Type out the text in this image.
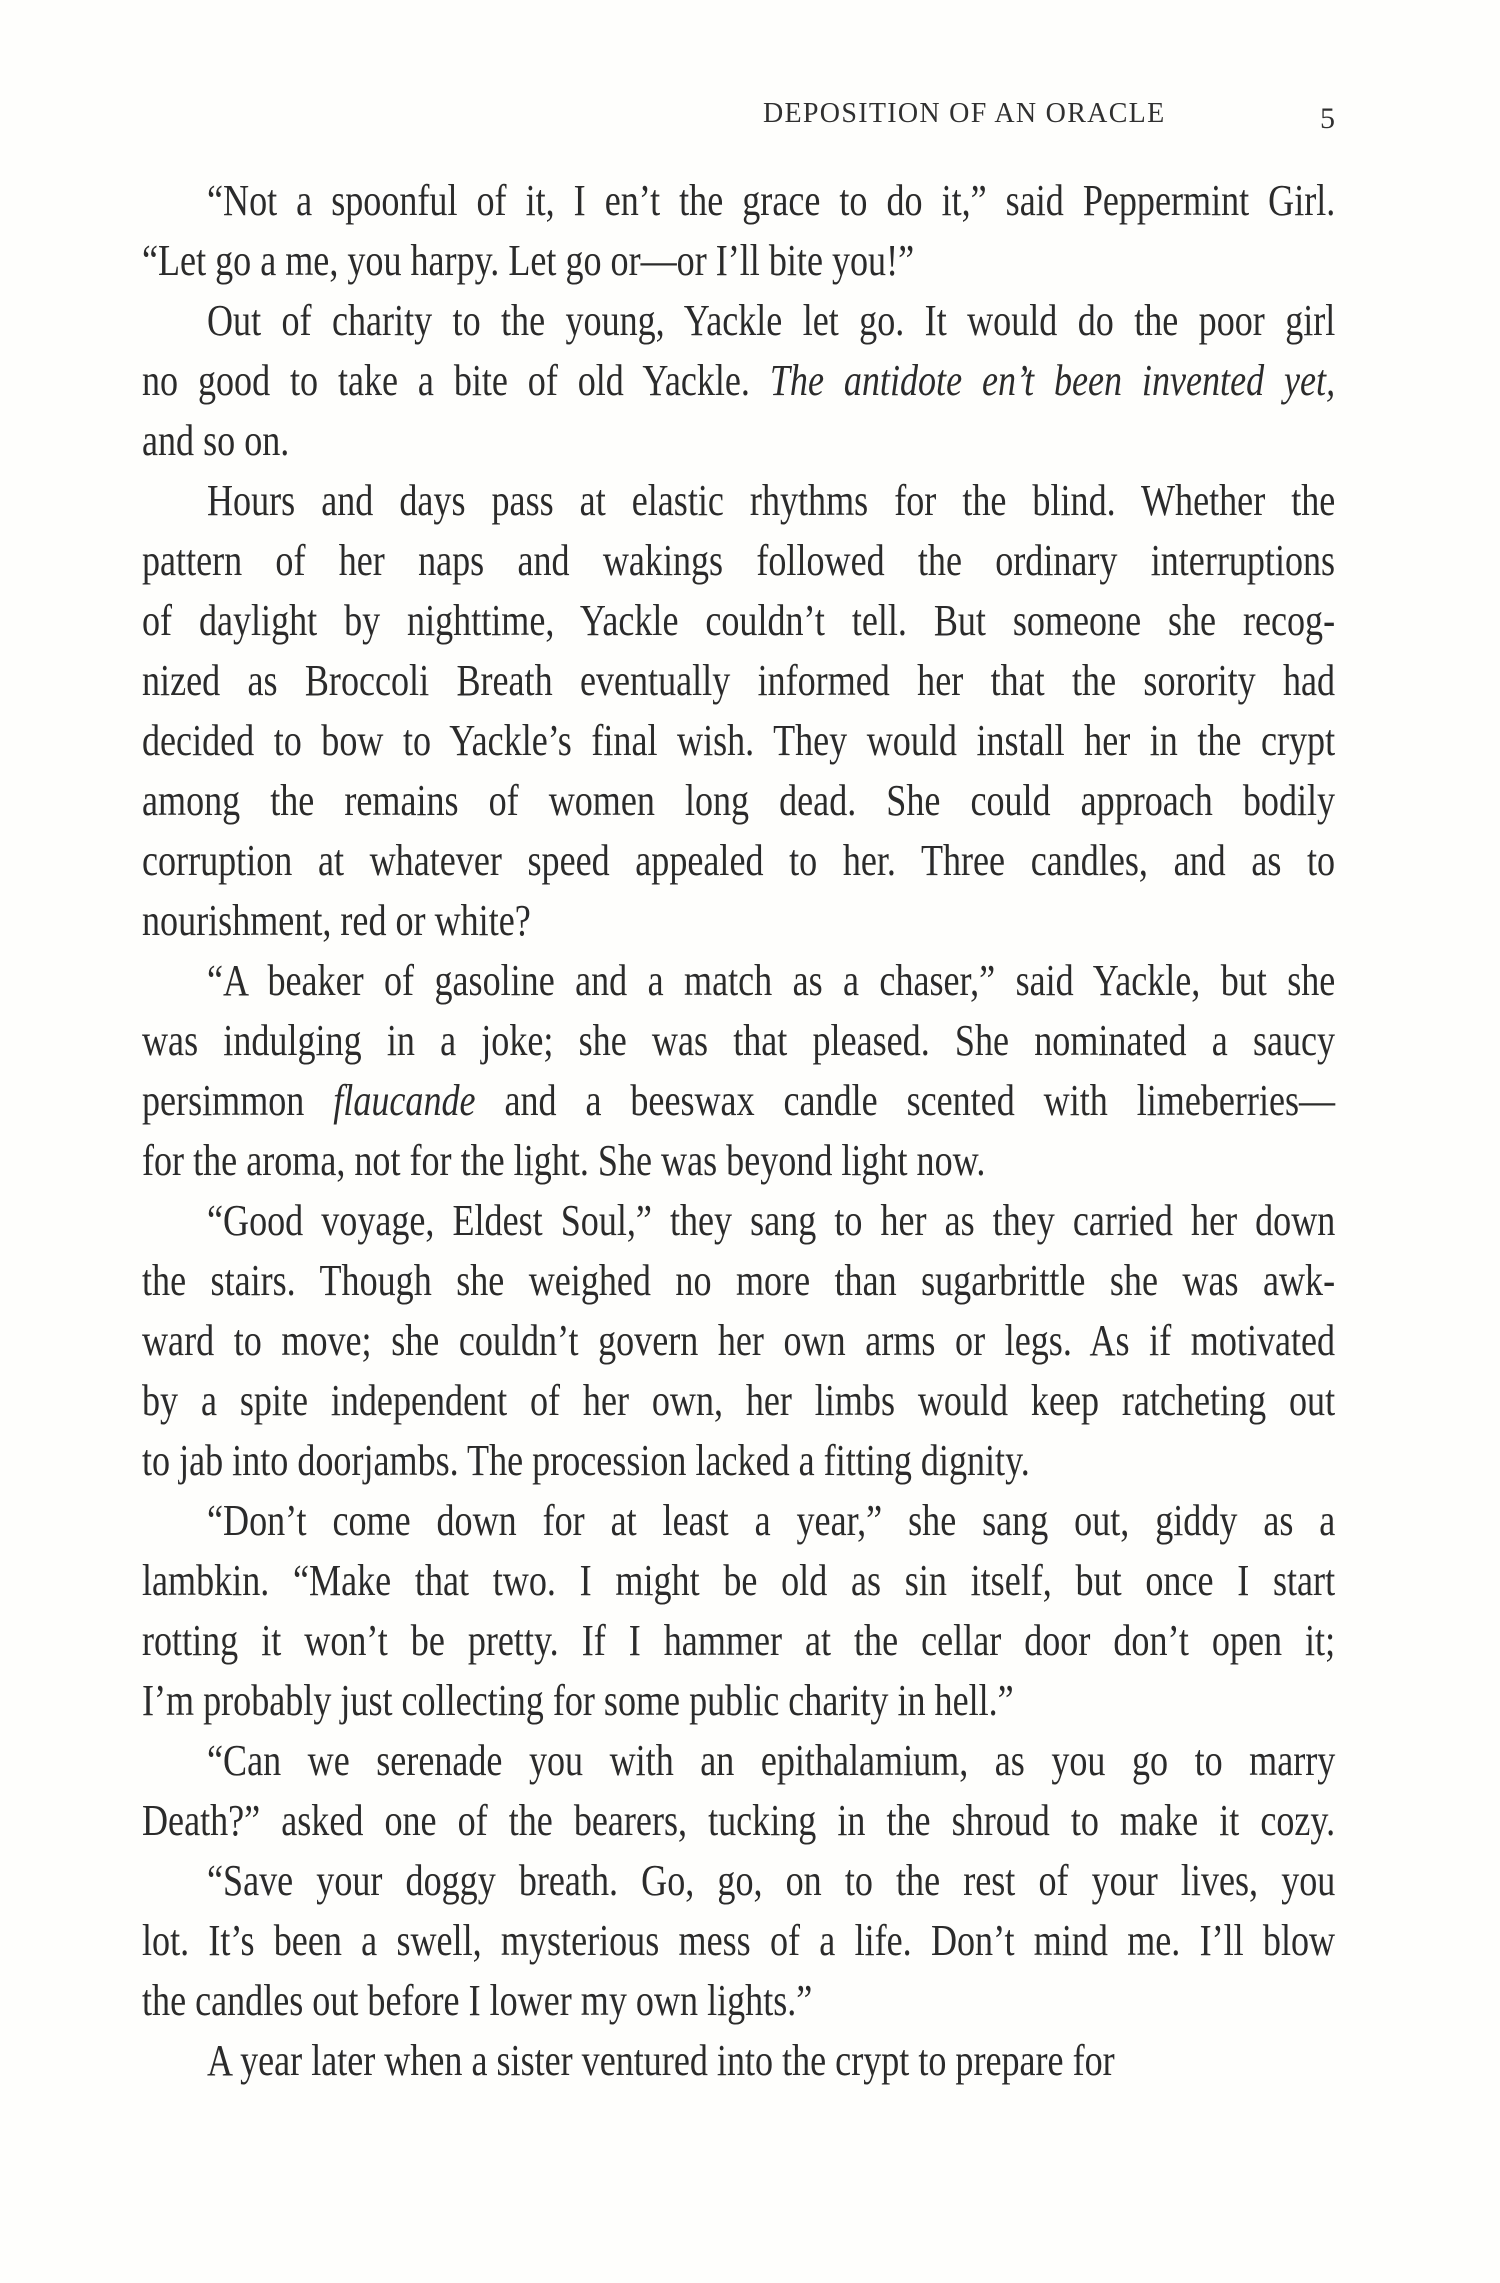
DEPOSITION OF AN ORACLE	5
“Not a spoonful of it, I en’t the grace to do it,” said Peppermint Girl.
“Let go a me, you harpy. Let go or—or I’ll bite you!”
Out of charity to the young, Yackle let go. It would do the poor girl
no good to take a bite of old Yackle. The antidote en’t been invented yet,
and so on.
Hours and days pass at elastic rhythms for the blind. Whether the
pattern of her naps and wakings followed the ordinary interruptions
of daylight by nighttime, Yackle couldn’t tell. But someone she recog-
nized as Broccoli Breath eventually informed her that the sorority had
decided to bow to Yackle’s final wish. They would install her in the crypt
among the remains of women long dead. She could approach bodily
corruption at whatever speed appealed to her. Three candles, and as to
nourishment, red or white?
“A beaker of gasoline and a match as a chaser,” said Yackle, but she
was indulging in a joke; she was that pleased. She nominated a saucy
persimmon flaucande and a beeswax candle scented with limeberries—
for the aroma, not for the light. She was beyond light now.
“Good voyage, Eldest Soul,” they sang to her as they carried her down
the stairs. Though she weighed no more than sugarbrittle she was awk-
ward to move; she couldn’t govern her own arms or legs. As if motivated
by a spite independent of her own, her limbs would keep ratcheting out
to jab into doorjambs. The procession lacked a fitting dignity.
“Don’t come down for at least a year,” she sang out, giddy as a
lambkin. “Make that two. I might be old as sin itself, but once I start
rotting it won’t be pretty. If I hammer at the cellar door don’t open it;
I’m probably just collecting for some public charity in hell.”
“Can we serenade you with an epithalamium, as you go to marry
Death?” asked one of the bearers, tucking in the shroud to make it cozy.
“Save your doggy breath. Go, go, on to the rest of your lives, you
lot. It’s been a swell, mysterious mess of a life. Don’t mind me. I’ll blow
the candles out before I lower my own lights.”
A year later when a sister ventured into the crypt to prepare for
